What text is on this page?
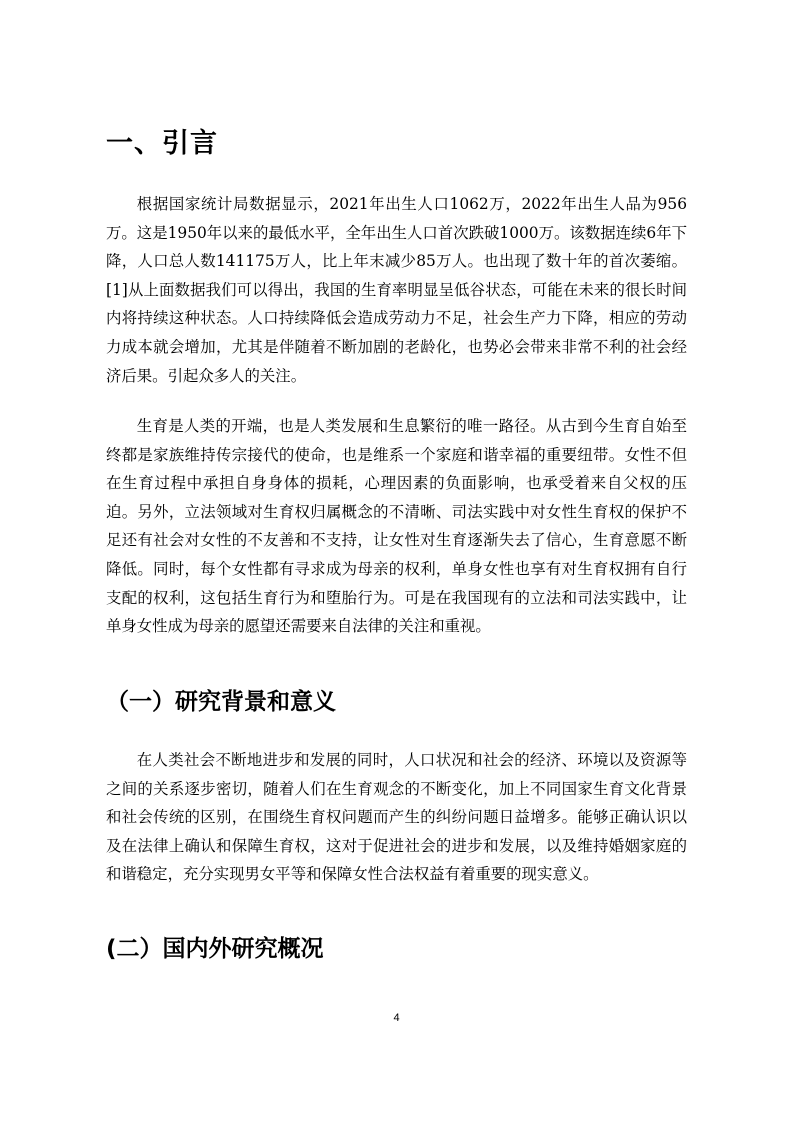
一、引言

根据国家统计局数据显示，2021年出生人口1062万，2022年出生人品为956万。这是1950年以来的最低水平，全年出生人口首次跌破1000万。该数据连续6年下降，人口总人数141175万人，比上年末减少85万人。也出现了数十年的首次萎缩。[1]从上面数据我们可以得出，我国的生育率明显呈低谷状态，可能在未来的很长时间内将持续这种状态。人口持续降低会造成劳动力不足，社会生产力下降，相应的劳动力成本就会增加，尤其是伴随着不断加剧的老龄化，也势必会带来非常不利的社会经济后果。引起众多人的关注。

生育是人类的开端，也是人类发展和生息繁衍的唯一路径。从古到今生育自始至终都是家族维持传宗接代的使命，也是维系一个家庭和谐幸福的重要纽带。女性不但在生育过程中承担自身身体的损耗，心理因素的负面影响，也承受着来自父权的压迫。另外，立法领域对生育权归属概念的不清晰、司法实践中对女性生育权的保护不足还有社会对女性的不友善和不支持，让女性对生育逐渐失去了信心，生育意愿不断降低。同时，每个女性都有寻求成为母亲的权利，单身女性也享有对生育权拥有自行支配的权利，这包括生育行为和堕胎行为。可是在我国现有的立法和司法实践中，让单身女性成为母亲的愿望还需要来自法律的关注和重视。

（一）研究背景和意义

在人类社会不断地进步和发展的同时，人口状况和社会的经济、环境以及资源等之间的关系逐步密切，随着人们在生育观念的不断变化，加上不同国家生育文化背景和社会传统的区别，在围绕生育权问题而产生的纠纷问题日益增多。能够正确认识以及在法律上确认和保障生育权，这对于促进社会的进步和发展，以及维持婚姻家庭的和谐稳定，充分实现男女平等和保障女性合法权益有着重要的现实意义。

(二）国内外研究概况
4
